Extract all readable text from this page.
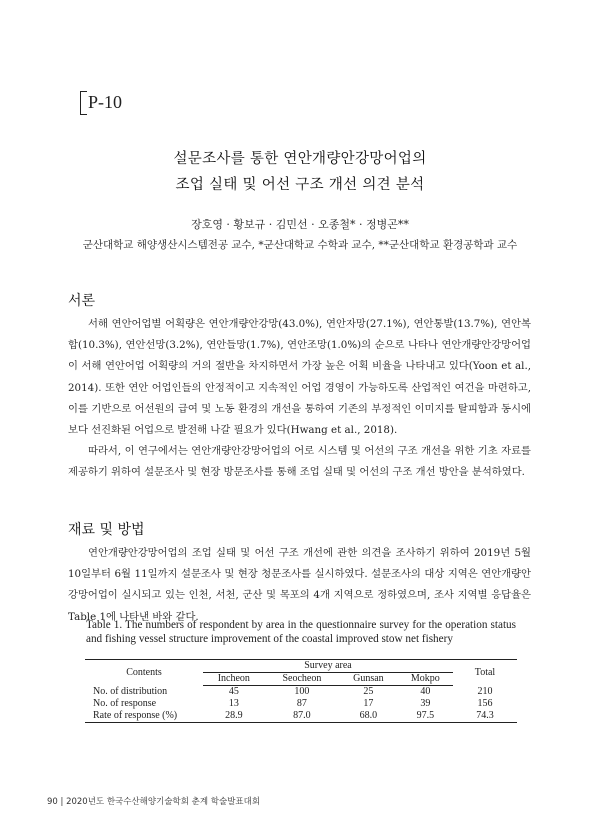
P-10
설문조사를 통한 연안개량안강망어업의
조업 실태 및 어선 구조 개선 의견 분석
장호영 · 황보규 · 김민선 · 오종철* · 정병곤**
군산대학교 해양생산시스템전공 교수, *군산대학교 수학과 교수, **군산대학교 환경공학과 교수
서론

서해 연안어업별 어획량은 연안개량안강망(43.0%), 연안자망(27.1%), 연안통발(13.7%), 연안복합(10.3%), 연안선망(3.2%), 연안들망(1.7%), 연안조망(1.0%)의 순으로 나타나 연안개량안강망어업이 서해 연안어업 어획량의 거의 절반을 차지하면서 가장 높은 어획 비율을 나타내고 있다(Yoon et al., 2014). 또한 연안 어업인들의 안정적이고 지속적인 어업 경영이 가능하도록 산업적인 여건을 마련하고, 이를 기반으로 어선원의 급여 및 노동 환경의 개선을 통하여 기존의 부정적인 이미지를 탈피함과 동시에 보다 선진화된 어업으로 발전해 나갈 필요가 있다(Hwang et al., 2018).

따라서, 이 연구에서는 연안개량안강망어업의 어로 시스템 및 어선의 구조 개선을 위한 기초 자료를 제공하기 위하여 설문조사 및 현장 방문조사를 통해 조업 실태 및 어선의 구조 개선 방안을 분석하였다.

재료 및 방법

연안개량안강망어업의 조업 실태 및 어선 구조 개선에 관한 의견을 조사하기 위하여 2019년 5월 10일부터 6월 11일까지 설문조사 및 현장 청문조사를 실시하였다. 설문조사의 대상 지역은 연안개량안강망어업이 실시되고 있는 인천, 서천, 군산 및 목포의 4개 지역으로 정하였으며, 조사 지역별 응답율은 Table 1에 나타낸 바와 같다.

Table 1. The numbers of respondent by area in the questionnaire survey for the operation status and fishing vessel structure improvement of the coastal improved stow net fishery
Contents	Survey area				Total
	Incheon	Seocheon	Gunsan	Mokpo	
No. of distribution	45	100	25	40	210
No. of response	13	87	17	39	156
Rate of response (%)	28.9	87.0	68.0	97.5	74.3
90 | 2020년도 한국수산해양기술학회 춘계 학술발표대회
